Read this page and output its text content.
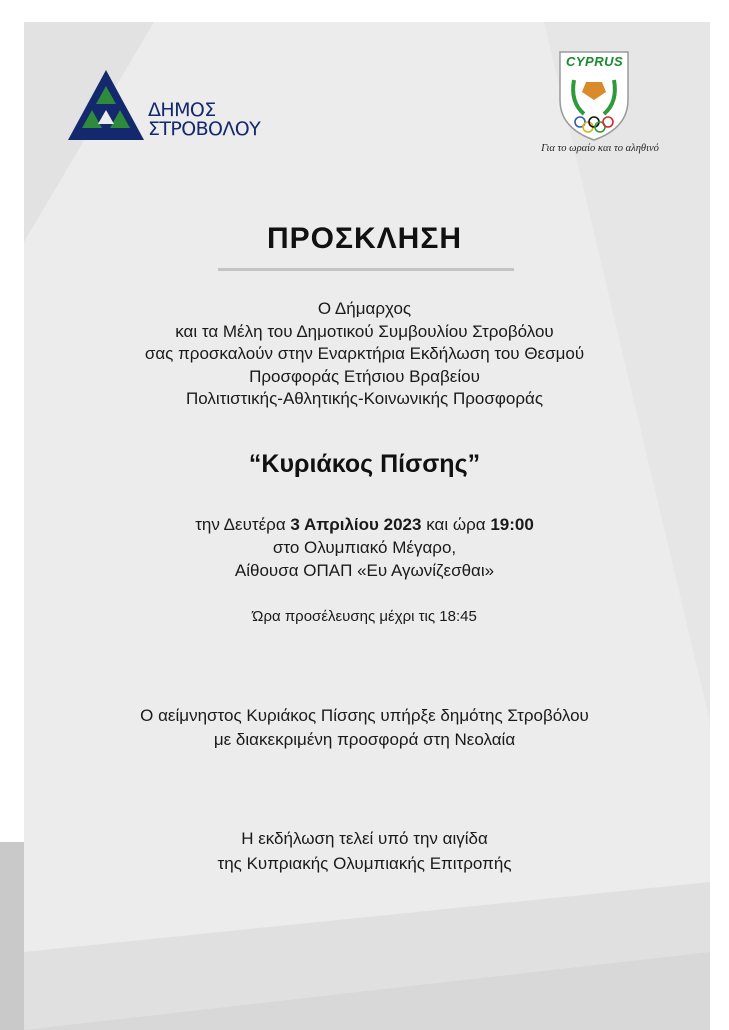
ΔΗΜΟΣ
ΣΤΡΟΒΟΛΟΥ
CYPRUS
Για το ωραίο και το αληθινό
ΠΡΟΣΚΛΗΣΗ
Ο Δήμαρχος
και τα Μέλη του Δημοτικού Συμβουλίου Στροβόλου
σας προσκαλούν στην Εναρκτήρια Εκδήλωση του Θεσμού
Προσφοράς Ετήσιου Βραβείου
Πολιτιστικής-Αθλητικής-Κοινωνικής Προσφοράς
“Κυριάκος Πίσσης”
την Δευτέρα 3 Απριλίου 2023 και ώρα 19:00
στο Ολυμπιακό Μέγαρο,
Αίθουσα ΟΠΑΠ «Ευ Αγωνίζεσθαι»
Ώρα προσέλευσης μέχρι τις 18:45
Ο αείμνηστος Κυριάκος Πίσσης υπήρξε δημότης Στροβόλου
με διακεκριμένη προσφορά στη Νεολαία
Η εκδήλωση τελεί υπό την αιγίδα
της Κυπριακής Ολυμπιακής Επιτροπής
